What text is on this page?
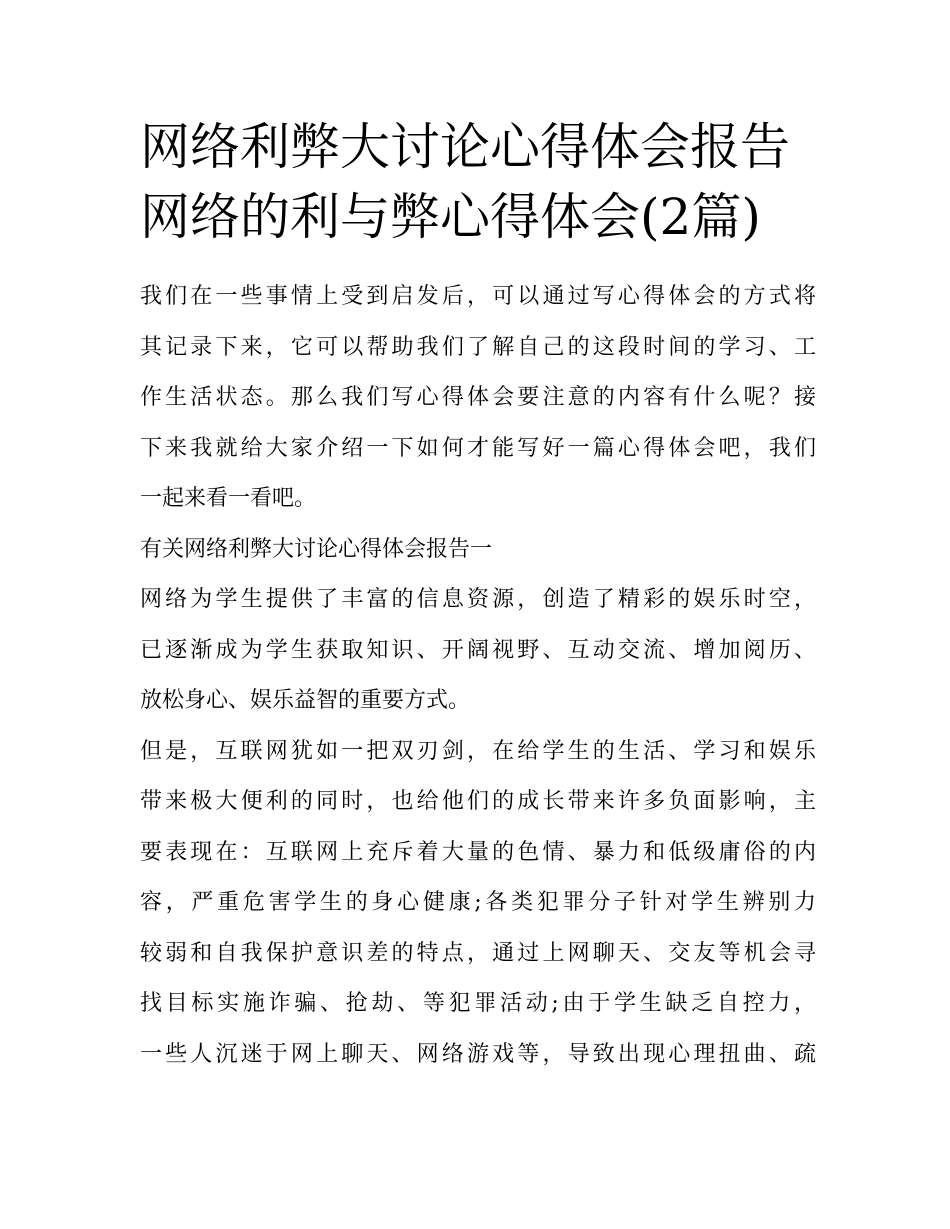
网络利弊大讨论心得体会报告
网络的利与弊心得体会(2篇)
我们在一些事情上受到启发后，可以通过写心得体会的方式将
其记录下来，它可以帮助我们了解自己的这段时间的学习、工
作生活状态。那么我们写心得体会要注意的内容有什么呢？接
下来我就给大家介绍一下如何才能写好一篇心得体会吧，我们
一起来看一看吧。
有关网络利弊大讨论心得体会报告一
网络为学生提供了丰富的信息资源，创造了精彩的娱乐时空，
已逐渐成为学生获取知识、开阔视野、互动交流、增加阅历、
放松身心、娱乐益智的重要方式。
但是，互联网犹如一把双刃剑，在给学生的生活、学习和娱乐
带来极大便利的同时，也给他们的成长带来许多负面影响，主
要表现在：互联网上充斥着大量的色情、暴力和低级庸俗的内
容，严重危害学生的身心健康;各类犯罪分子针对学生辨别力
较弱和自我保护意识差的特点，通过上网聊天、交友等机会寻
找目标实施诈骗、抢劫、等犯罪活动;由于学生缺乏自控力，
一些人沉迷于网上聊天、网络游戏等，导致出现心理扭曲、疏
